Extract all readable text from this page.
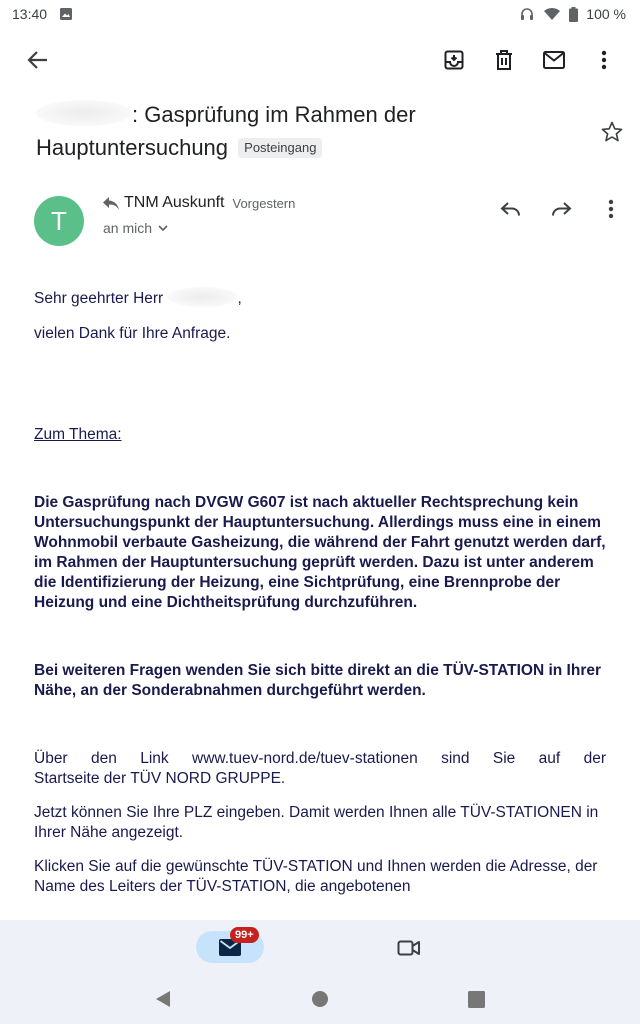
13:40	100 %
: Gasprüfung im Rahmen der Hauptuntersuchung Posteingang
T
TNM Auskunft Vorgestern
an mich

Sehr geehrter Herr	,

vielen Dank für Ihre Anfrage.

Zum Thema:

Die Gasprüfung nach DVGW G607 ist nach aktueller Rechtsprechung kein Untersuchungspunkt der Hauptuntersuchung. Allerdings muss eine in einem Wohnmobil verbaute Gasheizung, die während der Fahrt genutzt werden darf, im Rahmen der Hauptuntersuchung geprüft werden. Dazu ist unter anderem die Identifizierung der Heizung, eine Sichtprüfung, eine Brennprobe der Heizung und eine Dichtheitsprüfung durchzuführen.

Bei weiteren Fragen wenden Sie sich bitte direkt an die TÜV-STATION in Ihrer Nähe, an der Sonderabnahmen durchgeführt werden.

Über den Link www.tuev-nord.de/tuev-stationen sind Sie auf der

Startseite der TÜV NORD GRUPPE.

Jetzt können Sie Ihre PLZ eingeben. Damit werden Ihnen alle TÜV-STATIONEN in Ihrer Nähe angezeigt.

Klicken Sie auf die gewünschte TÜV-STATION und Ihnen werden die Adresse, der Name des Leiters der TÜV-STATION, die angebotenen

99+
